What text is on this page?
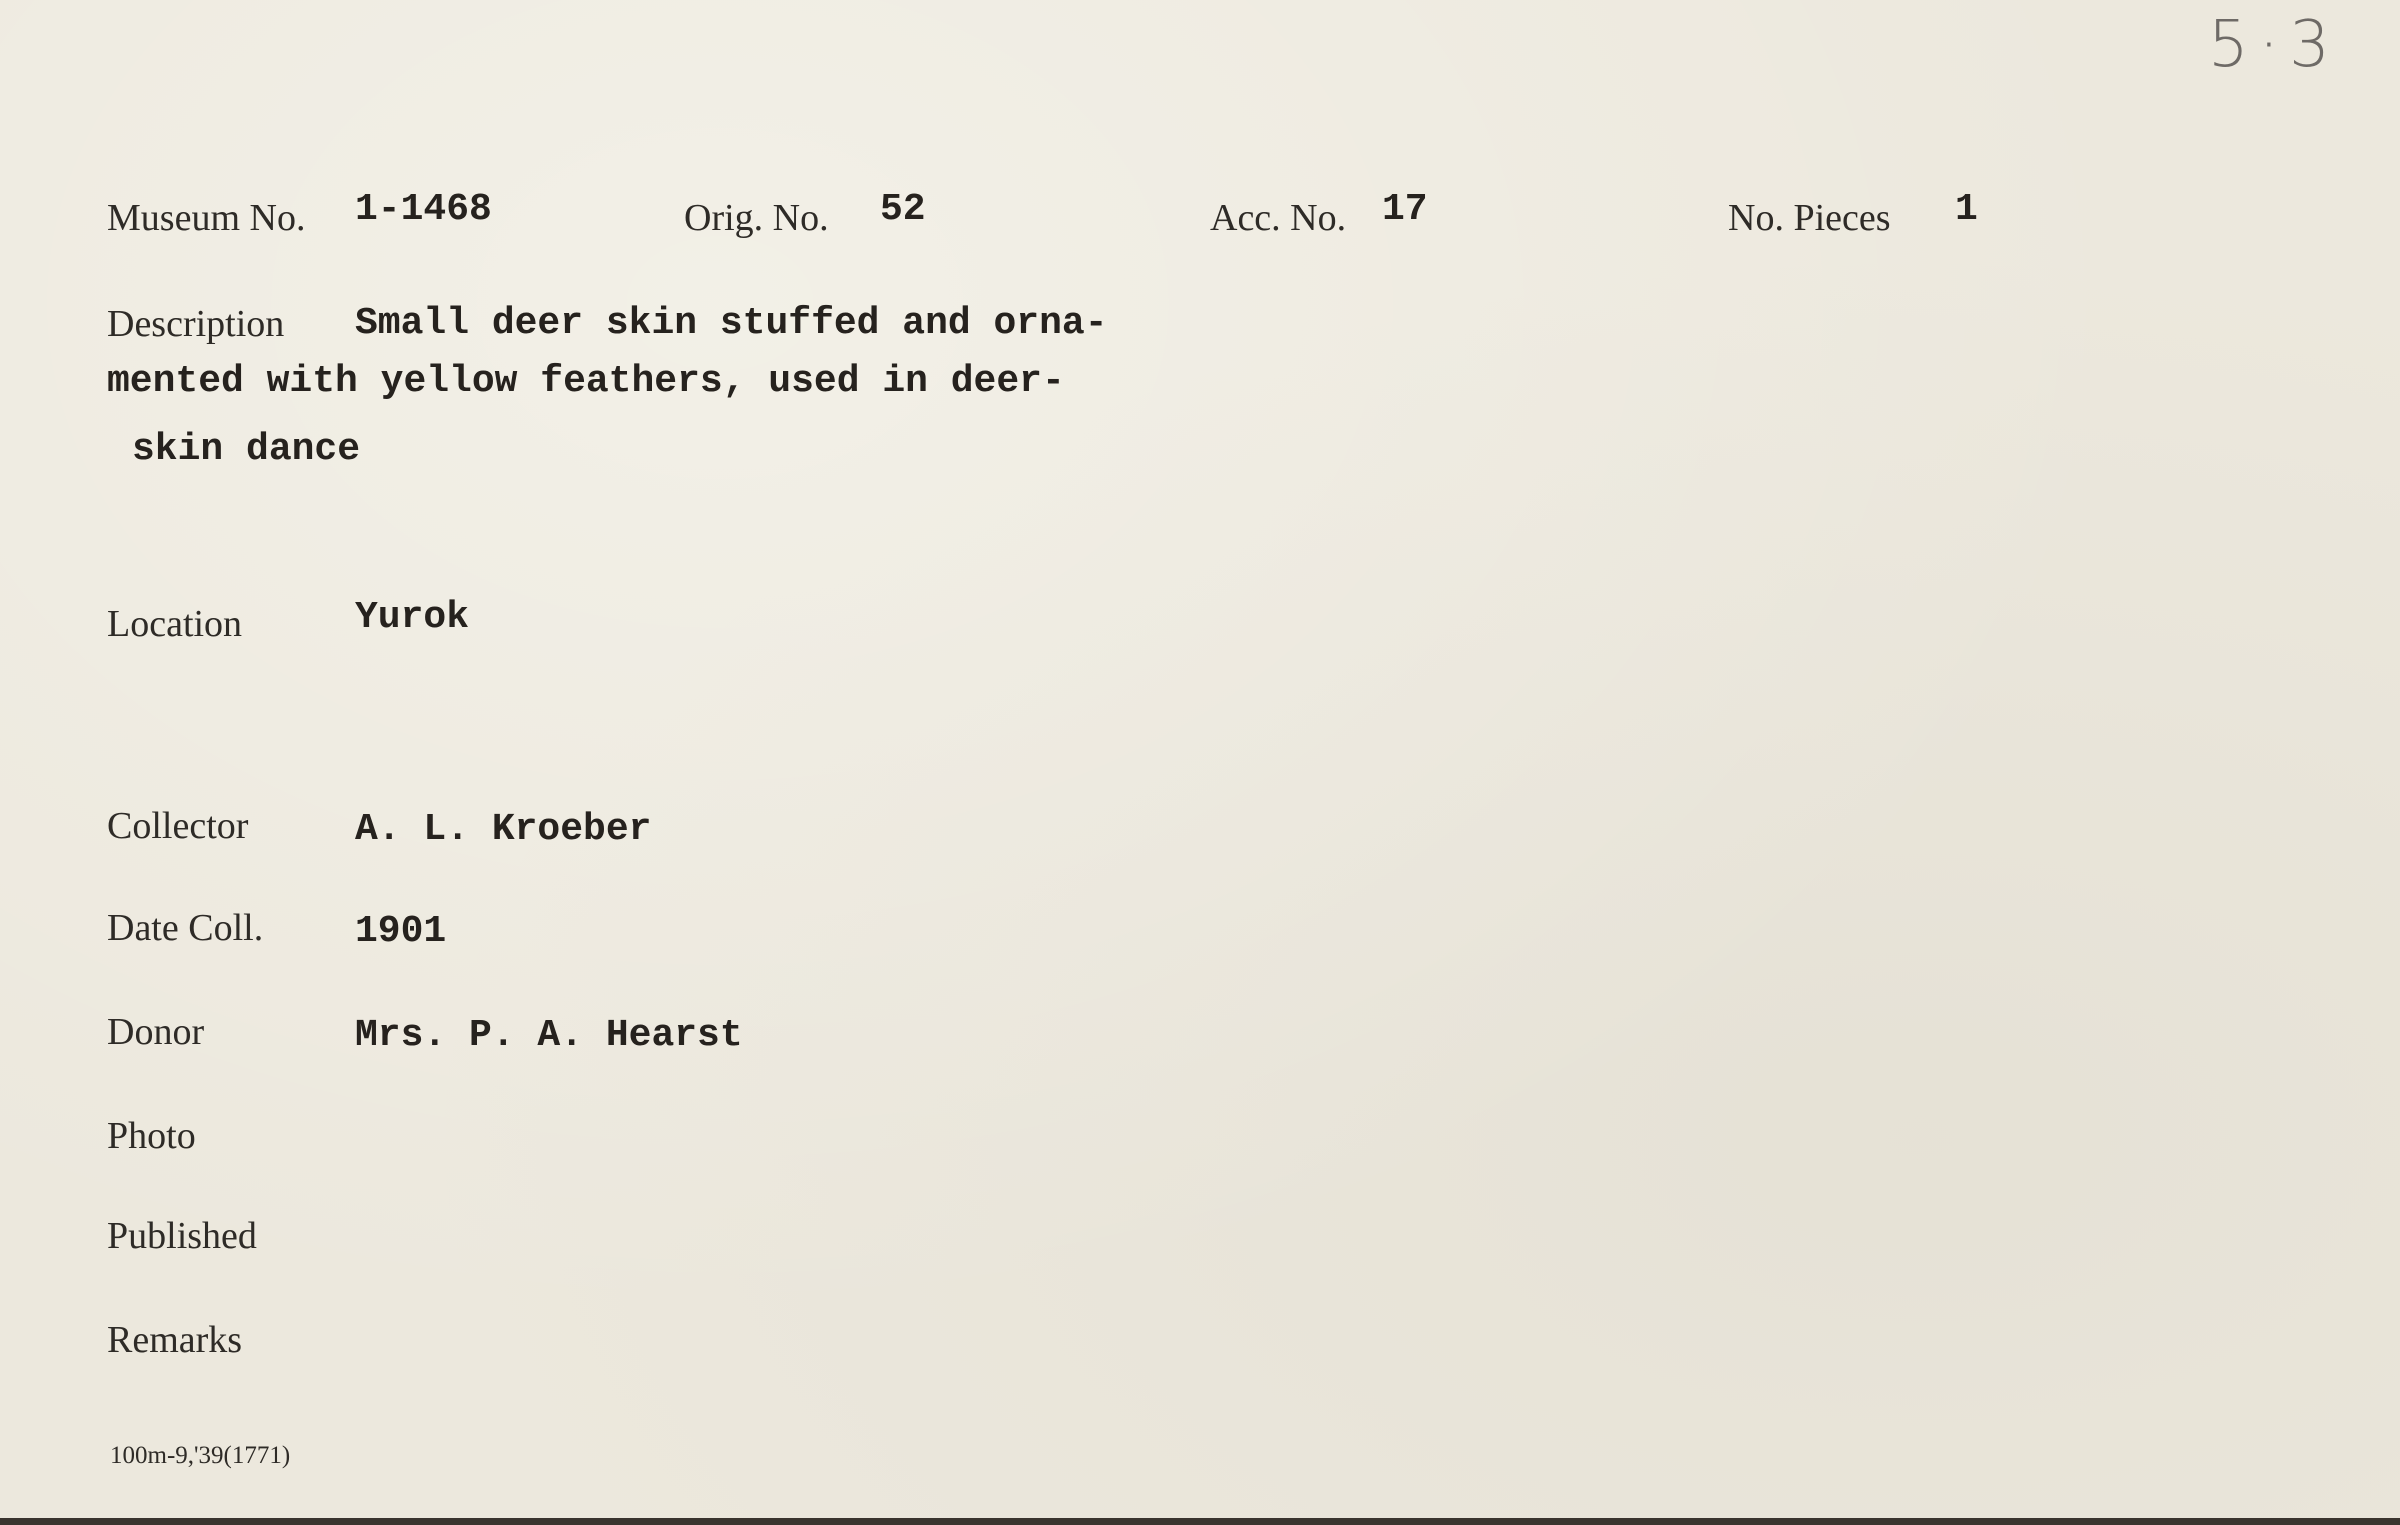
5·3
Museum No. 1-1468	Orig. No. 52	Acc. No. 17	No. Pieces 1
Description Small deer skin stuffed and orna-
mented with yellow feathers, used in deer-
skin dance
Location	Yurok
Collector	A. L. Kroeber
Date Coll. 1901
Donor	Mrs. P. A. Hearst
Photo
Published
Remarks
100m-9,'39(1771)
